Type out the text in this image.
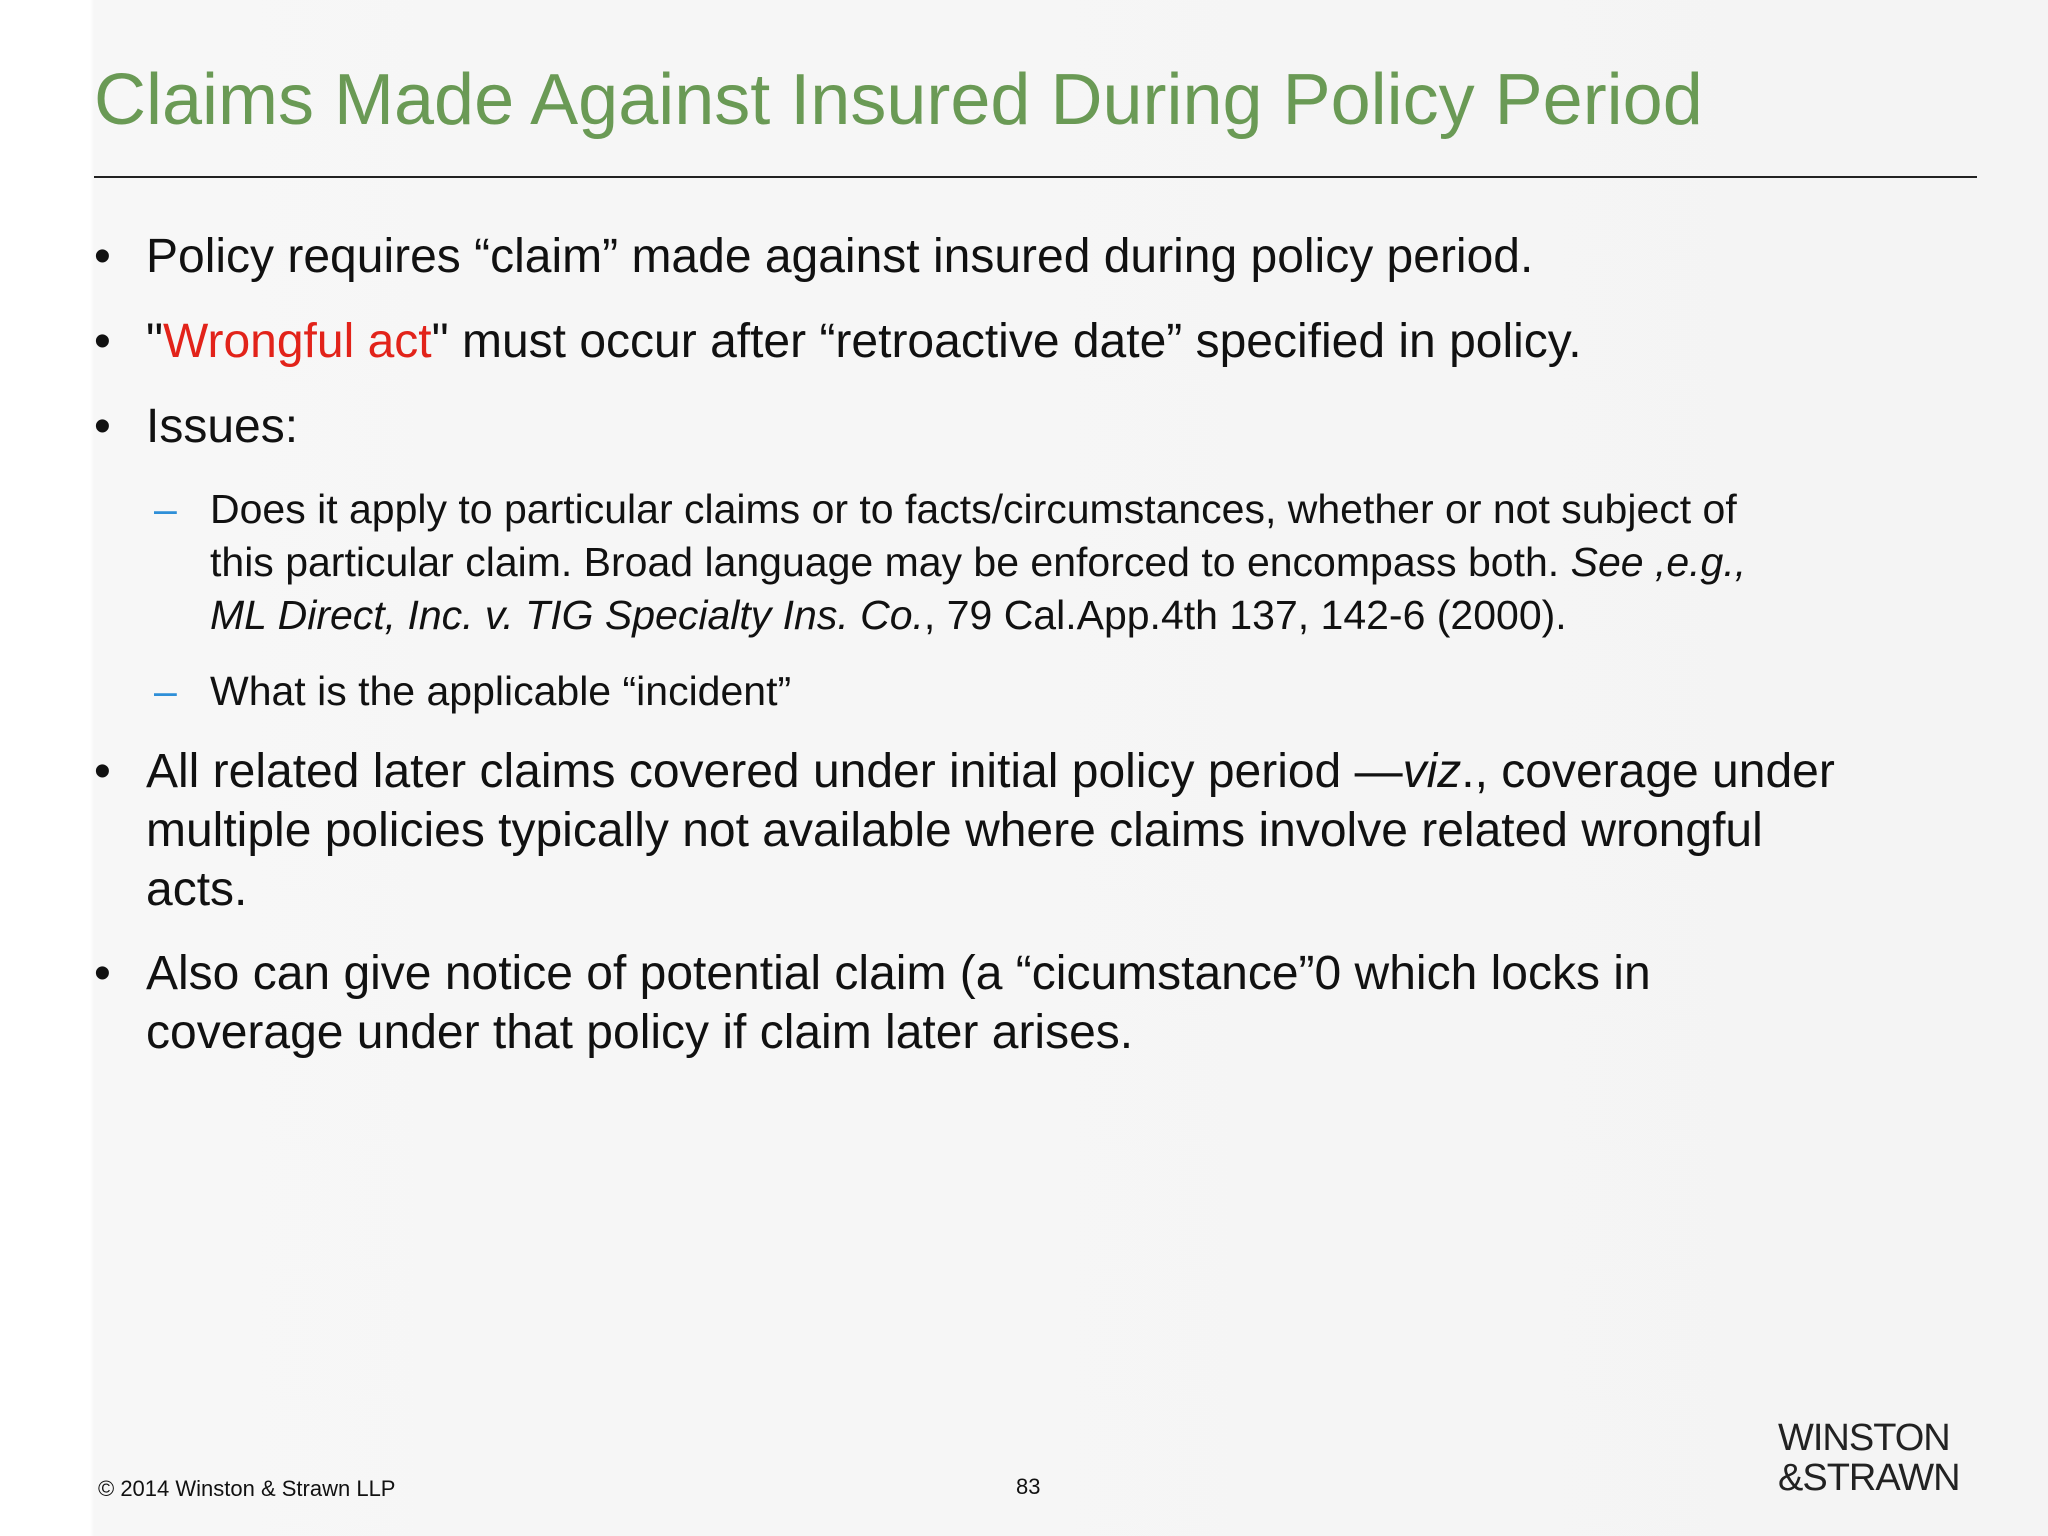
Claims Made Against Insured During Policy Period
• Policy requires “claim” made against insured during policy period.
• "Wrongful act" must occur after “retroactive date” specified in policy.
• Issues:
– Does it apply to particular claims or to facts/circumstances, whether or not subject of
this particular claim. Broad language may be enforced to encompass both. See ,e.g.,
ML Direct, Inc. v. TIG Specialty Ins. Co., 79 Cal.App.4th 137, 142-6 (2000).
– What is the applicable “incident”
• All related later claims covered under initial policy period —viz., coverage under
multiple policies typically not available where claims involve related wrongful
acts.
• Also can give notice of potential claim (a “cicumstance”0 which locks in
coverage under that policy if claim later arises.
© 2014 Winston & Strawn LLP	83
WINSTON
&STRAWN
